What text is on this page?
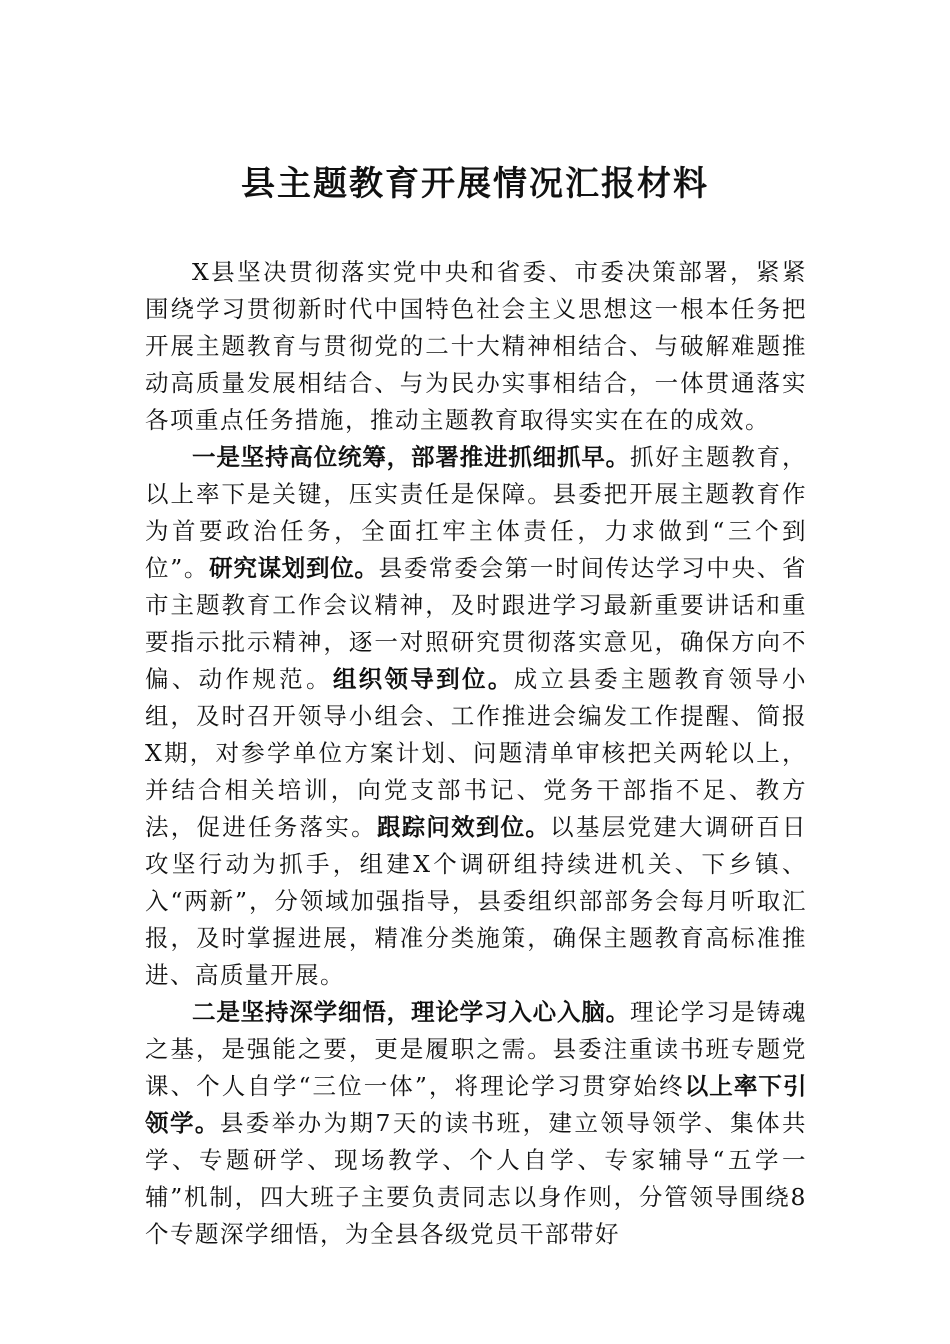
县主题教育开展情况汇报材料

X县坚决贯彻落实党中央和省委、市委决策部署，紧紧围绕学习贯彻新时代中国特色社会主义思想这一根本任务把开展主题教育与贯彻党的二十大精神相结合、与破解难题推动高质量发展相结合、与为民办实事相结合，一体贯通落实各项重点任务措施，推动主题教育取得实实在在的成效。

一是坚持高位统筹，部署推进抓细抓早。抓好主题教育，以上率下是关键，压实责任是保障。县委把开展主题教育作为首要政治任务，全面扛牢主体责任，力求做到“三个到位”。研究谋划到位。县委常委会第一时间传达学习中央、省市主题教育工作会议精神，及时跟进学习最新重要讲话和重要指示批示精神，逐一对照研究贯彻落实意见，确保方向不偏、动作规范。组织领导到位。成立县委主题教育领导小组，及时召开领导小组会、工作推进会编发工作提醒、简报X期，对参学单位方案计划、问题清单审核把关两轮以上，并结合相关培训，向党支部书记、党务干部指不足、教方法，促进任务落实。跟踪问效到位。以基层党建大调研百日攻坚行动为抓手，组建X个调研组持续进机关、下乡镇、入“两新”，分领域加强指导，县委组织部部务会每月听取汇报，及时掌握进展，精准分类施策，确保主题教育高标准推进、高质量开展。

二是坚持深学细悟，理论学习入心入脑。理论学习是铸魂之基，是强能之要，更是履职之需。县委注重读书班专题党课、个人自学“三位一体”，将理论学习贯穿始终以上率下引领学。县委举办为期7天的读书班，建立领导领学、集体共学、专题研学、现场教学、个人自学、专家辅导“五学一辅”机制，四大班子主要负责同志以身作则，分管领导围绕8个专题深学细悟，为全县各级党员干部带好
